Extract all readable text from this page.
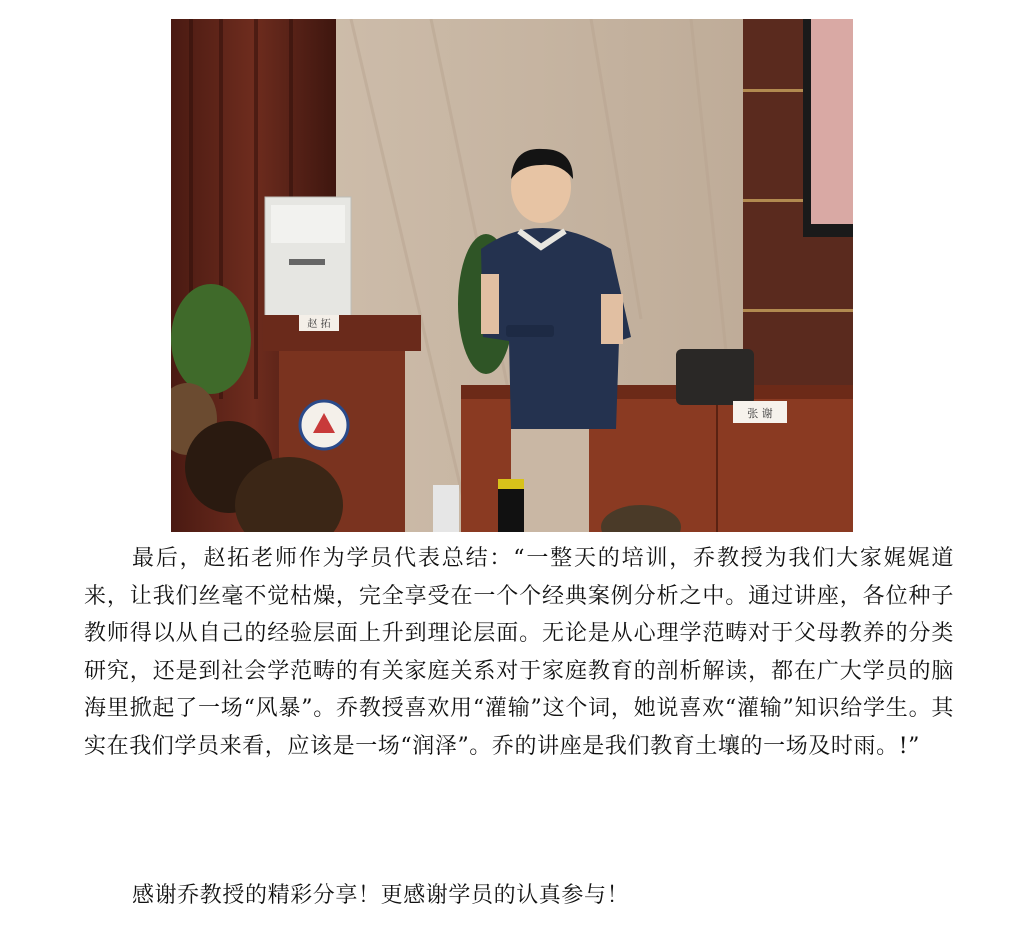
赵 拓
张 谢

最后，赵拓老师作为学员代表总结：“一整天的培训，乔教授为我们大家娓娓道来，让我们丝毫不觉枯燥，完全享受在一个个经典案例分析之中。通过讲座，各位种子教师得以从自己的经验层面上升到理论层面。无论是从心理学范畴对于父母教养的分类研究，还是到社会学范畴的有关家庭关系对于家庭教育的剖析解读，都在广大学员的脑海里掀起了一场“风暴”。乔教授喜欢用“灌输”这个词，她说喜欢“灌输”知识给学生。其实在我们学员来看，应该是一场“润泽”。乔的讲座是我们教育土壤的一场及时雨。!”

感谢乔教授的精彩分享！更感谢学员的认真参与！
